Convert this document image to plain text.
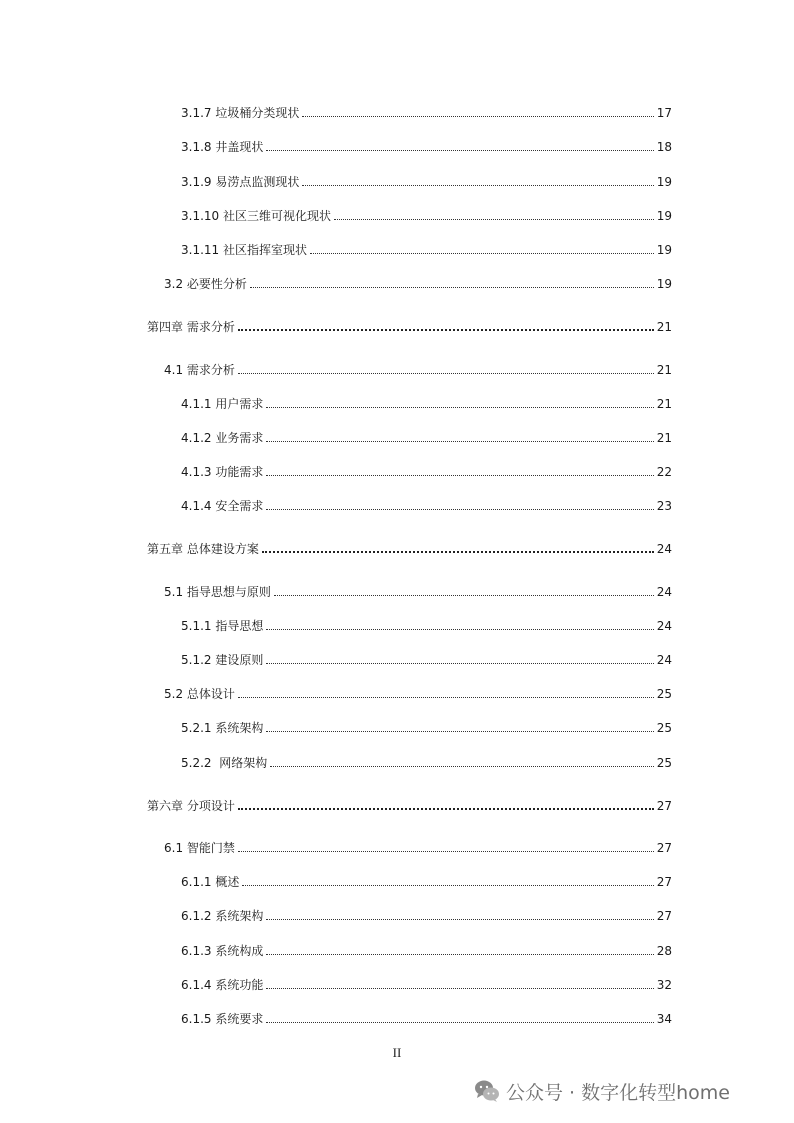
3.1.7 垃圾桶分类现状	17
3.1.8 井盖现状	18
3.1.9 易涝点监测现状	19
3.1.10 社区三维可视化现状	19
3.1.11 社区指挥室现状	19
3.2 必要性分析	19
第四章 需求分析	21
4.1 需求分析	21
4.1.1 用户需求	21
4.1.2 业务需求	21
4.1.3 功能需求	22
4.1.4 安全需求	23
第五章 总体建设方案	24
5.1 指导思想与原则	24
5.1.1 指导思想	24
5.1.2 建设原则	24
5.2 总体设计	25
5.2.1 系统架构	25
5.2.2  网络架构	25
第六章 分项设计	27
6.1 智能门禁	27
6.1.1 概述	27
6.1.2 系统架构	27
6.1.3 系统构成	28
6.1.4 系统功能	32
6.1.5 系统要求	34
II
公众号 · 数字化转型home
